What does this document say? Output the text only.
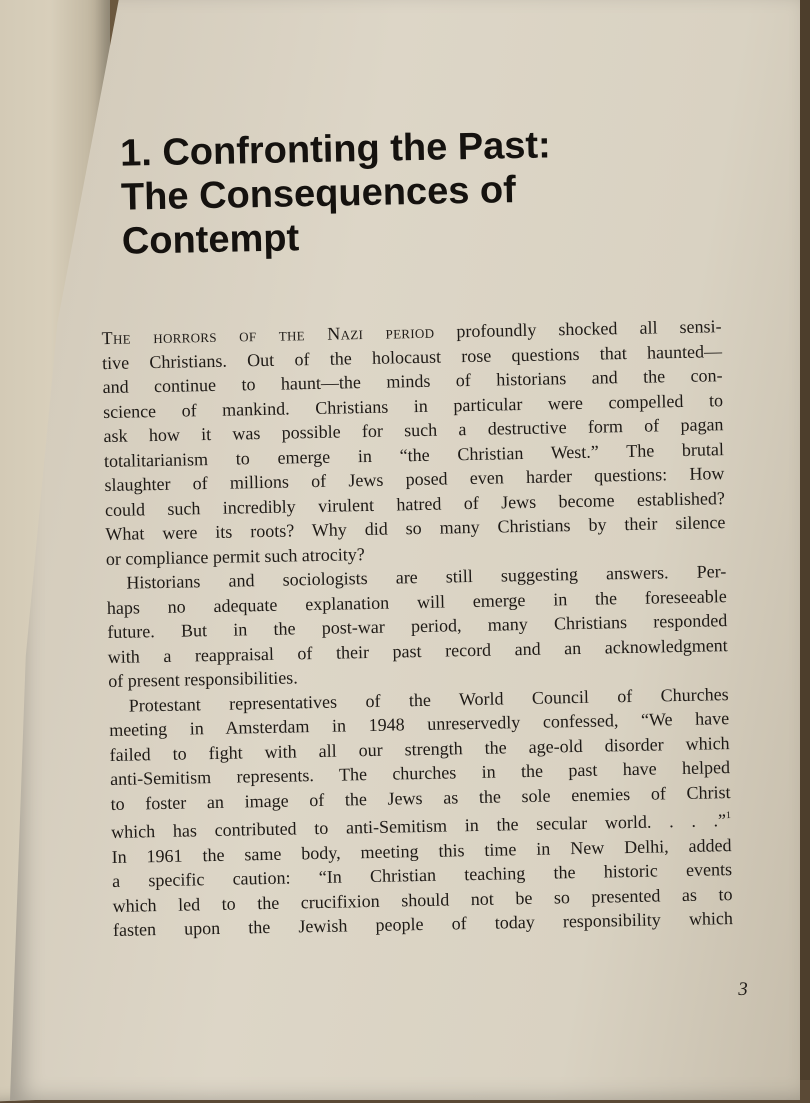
1. Confronting the Past:
The Consequences of
Contempt
The horrors of the Nazi period profoundly shocked all sensi-
tive Christians. Out of the holocaust rose questions that haunted—
and continue to haunt—the minds of historians and the con-
science of mankind. Christians in particular were compelled to
ask how it was possible for such a destructive form of pagan
totalitarianism to emerge in “the Christian West.” The brutal
slaughter of millions of Jews posed even harder questions: How
could such incredibly virulent hatred of Jews become established?
What were its roots? Why did so many Christians by their silence
or compliance permit such atrocity?
Historians and sociologists are still suggesting answers. Per-
haps no adequate explanation will emerge in the foreseeable
future. But in the post-war period, many Christians responded
with a reappraisal of their past record and an acknowledgment
of present responsibilities.
Protestant representatives of the World Council of Churches
meeting in Amsterdam in 1948 unreservedly confessed, “We have
failed to fight with all our strength the age-old disorder which
anti-Semitism represents. The churches in the past have helped
to foster an image of the Jews as the sole enemies of Christ
which has contributed to anti-Semitism in the secular world. . . .”$^1$
In 1961 the same body, meeting this time in New Delhi, added
a specific caution: “In Christian teaching the historic events
which led to the crucifixion should not be so presented as to
fasten upon the Jewish people of today responsibility which
3
